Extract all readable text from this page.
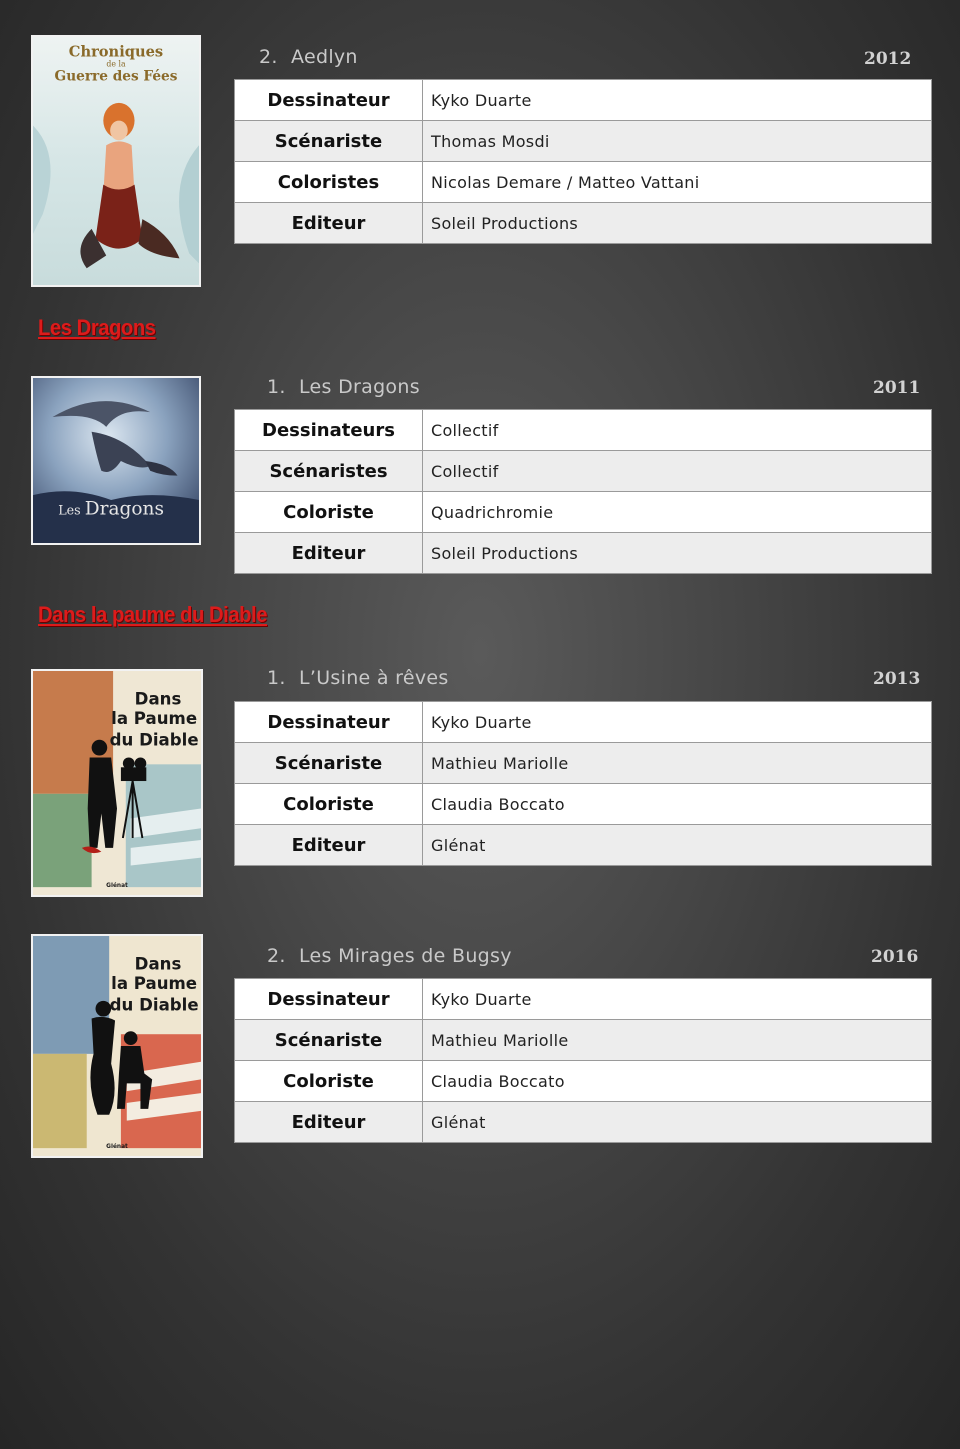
Chroniques
de la
Guerre des Fées
2. Aedlyn	2012
Dessinateur	Kyko Duarte
Scénariste	Thomas Mosdi
Coloristes	Nicolas Demare / Matteo Vattani
Editeur	Soleil Productions
Les Dragons
Les Dragons
1. Les Dragons	2011
Dessinateurs	Collectif
Scénaristes	Collectif
Coloriste	Quadrichromie
Editeur	Soleil Productions
Dans la paume du Diable
Dans
la Paume
du Diable
Glénat
1. L’Usine à rêves	2013
Dessinateur	Kyko Duarte
Scénariste	Mathieu Mariolle
Coloriste	Claudia Boccato
Editeur	Glénat
Dans
la Paume
du Diable
Glénat
2. Les Mirages de Bugsy	2016
Dessinateur	Kyko Duarte
Scénariste	Mathieu Mariolle
Coloriste	Claudia Boccato
Editeur	Glénat
